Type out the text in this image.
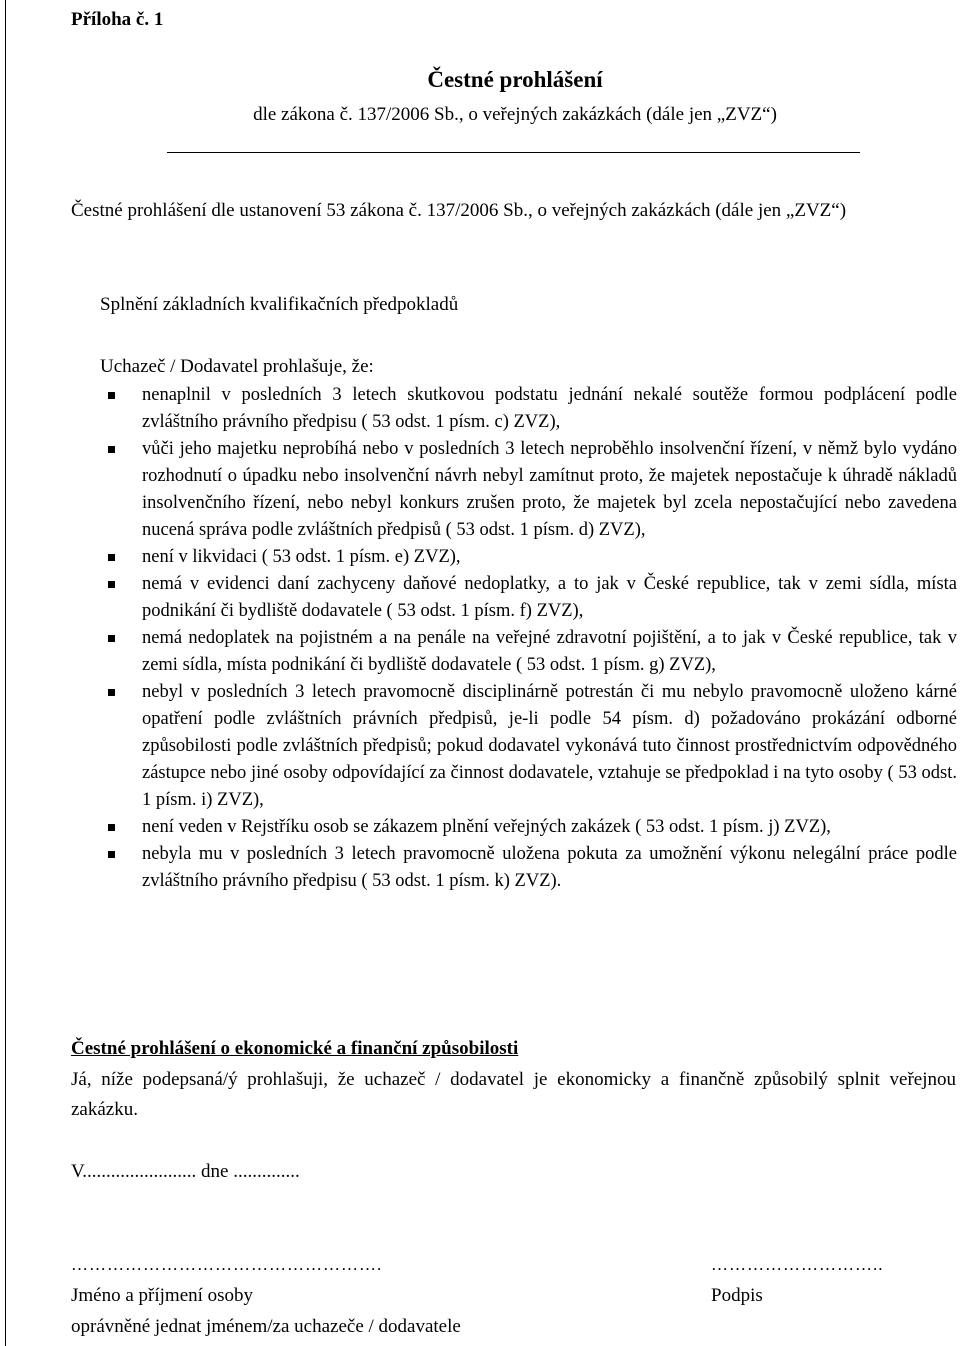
Příloha č. 1
Čestné prohlášení
dle zákona č. 137/2006 Sb., o veřejných zakázkách (dále jen „ZVZ“)
Čestné prohlášení dle ustanovení 53 zákona č. 137/2006 Sb., o veřejných zakázkách (dále jen „ZVZ“)
Splnění základních kvalifikačních předpokladů
Uchazeč / Dodavatel prohlašuje, že:
nenaplnil v posledních 3 letech skutkovou podstatu jednání nekalé soutěže formou podplácení podle zvláštního právního předpisu ( 53 odst. 1 písm. c) ZVZ),
vůči jeho majetku neprobíhá nebo v posledních 3 letech neproběhlo insolvenční řízení, v němž bylo vydáno rozhodnutí o úpadku nebo insolvenční návrh nebyl zamítnut proto, že majetek nepostačuje k úhradě nákladů insolvenčního řízení, nebo nebyl konkurs zrušen proto, že majetek byl zcela nepostačující nebo zavedena nucená správa podle zvláštních předpisů ( 53 odst. 1 písm. d) ZVZ),
není v likvidaci ( 53 odst. 1 písm. e) ZVZ),
nemá v evidenci daní zachyceny daňové nedoplatky, a to jak v České republice, tak v zemi sídla, místa podnikání či bydliště dodavatele ( 53 odst. 1 písm. f) ZVZ),
nemá nedoplatek na pojistném a na penále na veřejné zdravotní pojištění, a to jak v České republice, tak v zemi sídla, místa podnikání či bydliště dodavatele ( 53 odst. 1 písm. g) ZVZ),
nebyl v posledních 3 letech pravomocně disciplinárně potrestán či mu nebylo pravomocně uloženo kárné opatření podle zvláštních právních předpisů, je-li podle 54 písm. d) požadováno prokázání odborné způsobilosti podle zvláštních předpisů; pokud dodavatel vykonává tuto činnost prostřednictvím odpovědného zástupce nebo jiné osoby odpovídající za činnost dodavatele, vztahuje se předpoklad i na tyto osoby ( 53 odst. 1 písm. i) ZVZ),
není veden v Rejstříku osob se zákazem plnění veřejných zakázek ( 53 odst. 1 písm. j) ZVZ),
nebyla mu v posledních 3 letech pravomocně uložena pokuta za umožnění výkonu nelegální práce podle zvláštního právního předpisu ( 53 odst. 1 písm. k) ZVZ).
Čestné prohlášení o ekonomické a finanční způsobilosti
Já, níže podepsaná/ý prohlašuji, že uchazeč / dodavatel je ekonomicky a finančně způsobilý splnit veřejnou zakázku.
V........................ dne ..............
…………………………………………….	………………………..
Jméno a příjmení osoby
oprávněné jednat jménem/za uchazeče / dodavatele
Podpis
